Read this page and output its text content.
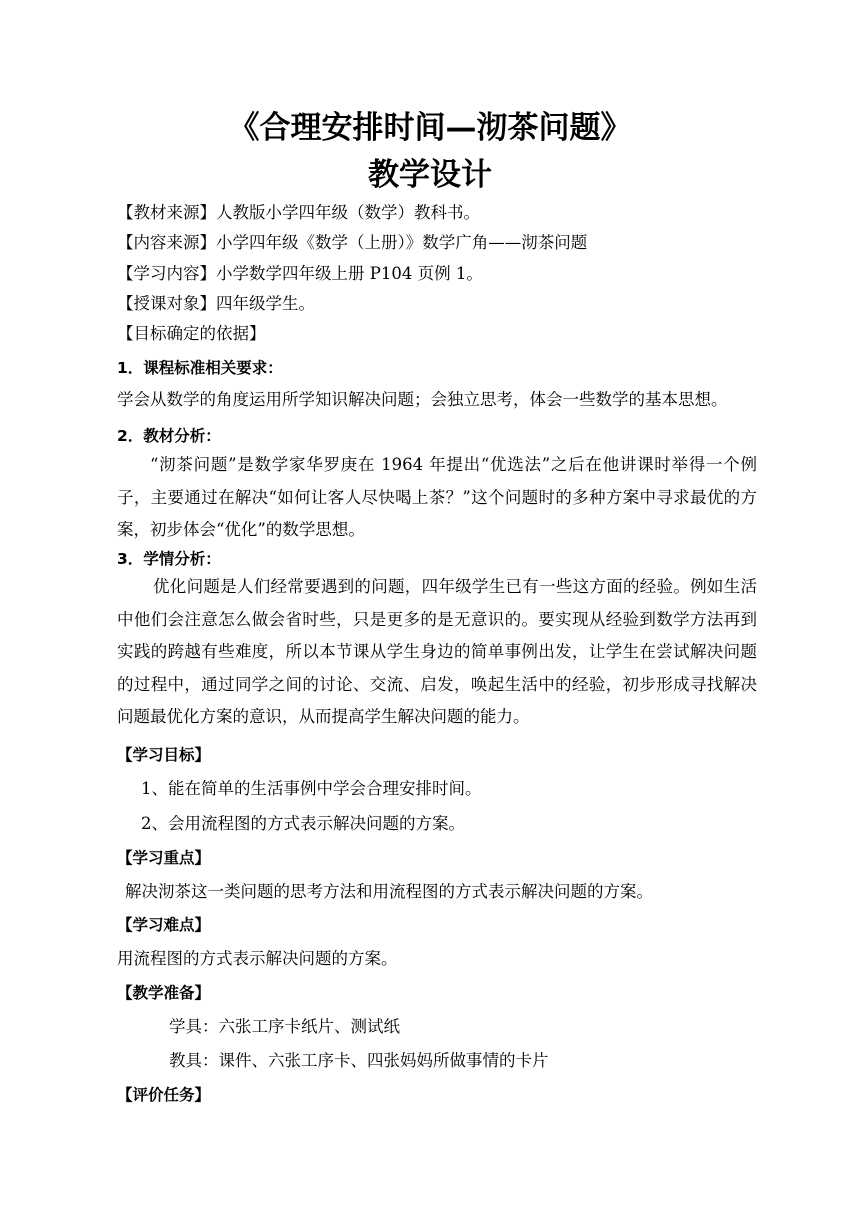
《合理安排时间—沏茶问题》
教学设计
【教材来源】人教版小学四年级（数学）教科书。
【内容来源】小学四年级《数学（上册）》数学广角——沏茶问题
【学习内容】小学数学四年级上册 P104 页例 1。
【授课对象】四年级学生。
【目标确定的依据】
1．课程标准相关要求：
学会从数学的角度运用所学知识解决问题；会独立思考，体会一些数学的基本思想。
2．教材分析：
“沏茶问题”是数学家华罗庚在 1964 年提出“优选法”之后在他讲课时举得一个例子，主要通过在解决“如何让客人尽快喝上茶？”这个问题时的多种方案中寻求最优的方案，初步体会“优化”的数学思想。
3．学情分析：
优化问题是人们经常要遇到的问题，四年级学生已有一些这方面的经验。例如生活中他们会注意怎么做会省时些，只是更多的是无意识的。要实现从经验到数学方法再到实践的跨越有些难度，所以本节课从学生身边的简单事例出发，让学生在尝试解决问题的过程中，通过同学之间的讨论、交流、启发，唤起生活中的经验，初步形成寻找解决问题最优化方案的意识，从而提高学生解决问题的能力。
【学习目标】
1、能在简单的生活事例中学会合理安排时间。
2、会用流程图的方式表示解决问题的方案。
【学习重点】
解决沏茶这一类问题的思考方法和用流程图的方式表示解决问题的方案。
【学习难点】
用流程图的方式表示解决问题的方案。
【教学准备】
学具：六张工序卡纸片、测试纸
教具：课件、六张工序卡、四张妈妈所做事情的卡片
【评价任务】
